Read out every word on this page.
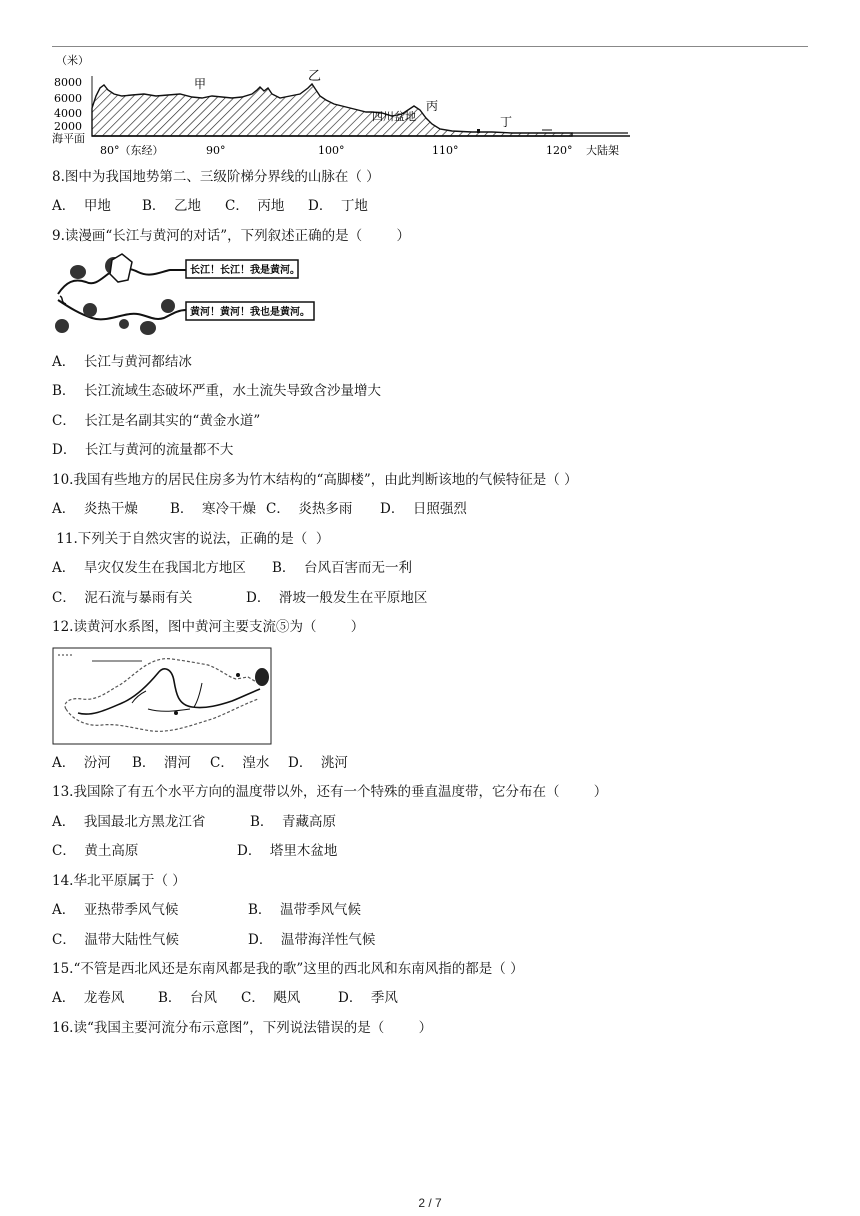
（米）
8000
6000
4000
2000
海平面
甲	乙
四川盆地
丙
丁
大陆架
80°（东经）	90°	100°	110°	120°
8.图中为我国地势第二、三级阶梯分界线的山脉在（ ）
A．  甲地 B．  乙地 C．  丙地 D．  丁地
9.读漫画“长江与黄河的对话”，下列叙述正确的是（        ）
长江！长江！我是黄河。
黄河！黄河！我也是黄河。
A．  长江与黄河都结冰
B．  长江流域生态破坏严重，水土流失导致含沙量增大
C．  长江是名副其实的“黄金水道”
D．  长江与黄河的流量都不大
10.我国有些地方的居民住房多为竹木结构的“高脚楼”，由此判断该地的气候特征是（ ）
A．  炎热干燥 B．  寒冷干燥 C．  炎热多雨 D．  日照强烈
11.下列关于自然灾害的说法，正确的是（  ）
A．  旱灾仅发生在我国北方地区 B．  台风百害而无一利
C．  泥石流与暴雨有关	D．  滑坡一般发生在平原地区
12.读黄河水系图，图中黄河主要支流⑤为（        ）
A．  汾河 B．  渭河 C．  湟水 D．  洮河
13.我国除了有五个水平方向的温度带以外，还有一个特殊的垂直温度带，它分布在（        ）
A．  我国最北方黑龙江省	B．  青藏高原
C．  黄土高原	D．  塔里木盆地
14.华北平原属于（ ）
A．  亚热带季风气候	B．  温带季风气候
C．  温带大陆性气候	D．  温带海洋性气候
15.“不管是西北风还是东南风都是我的歌”这里的西北风和东南风指的都是（ ）
A．  龙卷风 B．  台风 C．  飓风	D．  季风
16.读“我国主要河流分布示意图”，下列说法错误的是（        ）
2 / 7
